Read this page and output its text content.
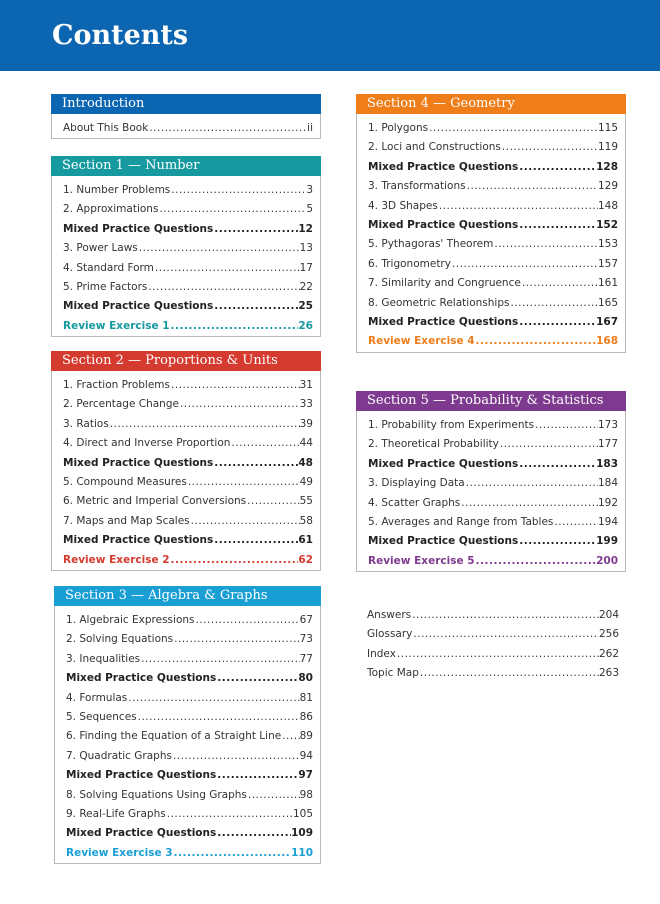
Contents
Introduction
About This Book .....	ii
Section 1 — Number
1. Number Problems .....	3
2. Approximations .....	5
Mixed Practice Questions .....	12
3. Power Laws .....	13
4. Standard Form .....	17
5. Prime Factors .....	22
Mixed Practice Questions .....	25
Review Exercise 1 .....	26
Section 2 — Proportions & Units
1. Fraction Problems .....	31
2. Percentage Change .....	33
3. Ratios .....	39
4. Direct and Inverse Proportion .....	44
Mixed Practice Questions .....	48
5. Compound Measures .....	49
6. Metric and Imperial Conversions .....	55
7. Maps and Map Scales .....	58
Mixed Practice Questions .....	61
Review Exercise 2 .....	62
Section 3 — Algebra & Graphs
1. Algebraic Expressions .....	67
2. Solving Equations .....	73
3. Inequalities .....	77
Mixed Practice Questions .....	80
4. Formulas .....	81
5. Sequences .....	86
6. Finding the Equation of a Straight Line ..... 89
7. Quadratic Graphs .....	94
Mixed Practice Questions .....	97
8. Solving Equations Using Graphs .....	98
9. Real-Life Graphs .....	105
Mixed Practice Questions .....	109
Review Exercise 3 .....	110
Section 4 — Geometry
1. Polygons .....	115
2. Loci and Constructions .....	119
Mixed Practice Questions .....	128
3. Transformations .....	129
4. 3D Shapes .....	148
Mixed Practice Questions .....	152
5. Pythagoras' Theorem .....	153
6. Trigonometry .....	157
7. Similarity and Congruence .....	161
8. Geometric Relationships .....	165
Mixed Practice Questions .....	167
Review Exercise 4 .....	168
Section 5 — Probability & Statistics
1. Probability from Experiments .....	173
2. Theoretical Probability .....	177
Mixed Practice Questions .....	183
3. Displaying Data .....	184
4. Scatter Graphs .....	192
5. Averages and Range from Tables .....	194
Mixed Practice Questions .....	199
Review Exercise 5 .....	200
Answers .....	204
Glossary .....	256
Index .....	262
Topic Map .....	263
